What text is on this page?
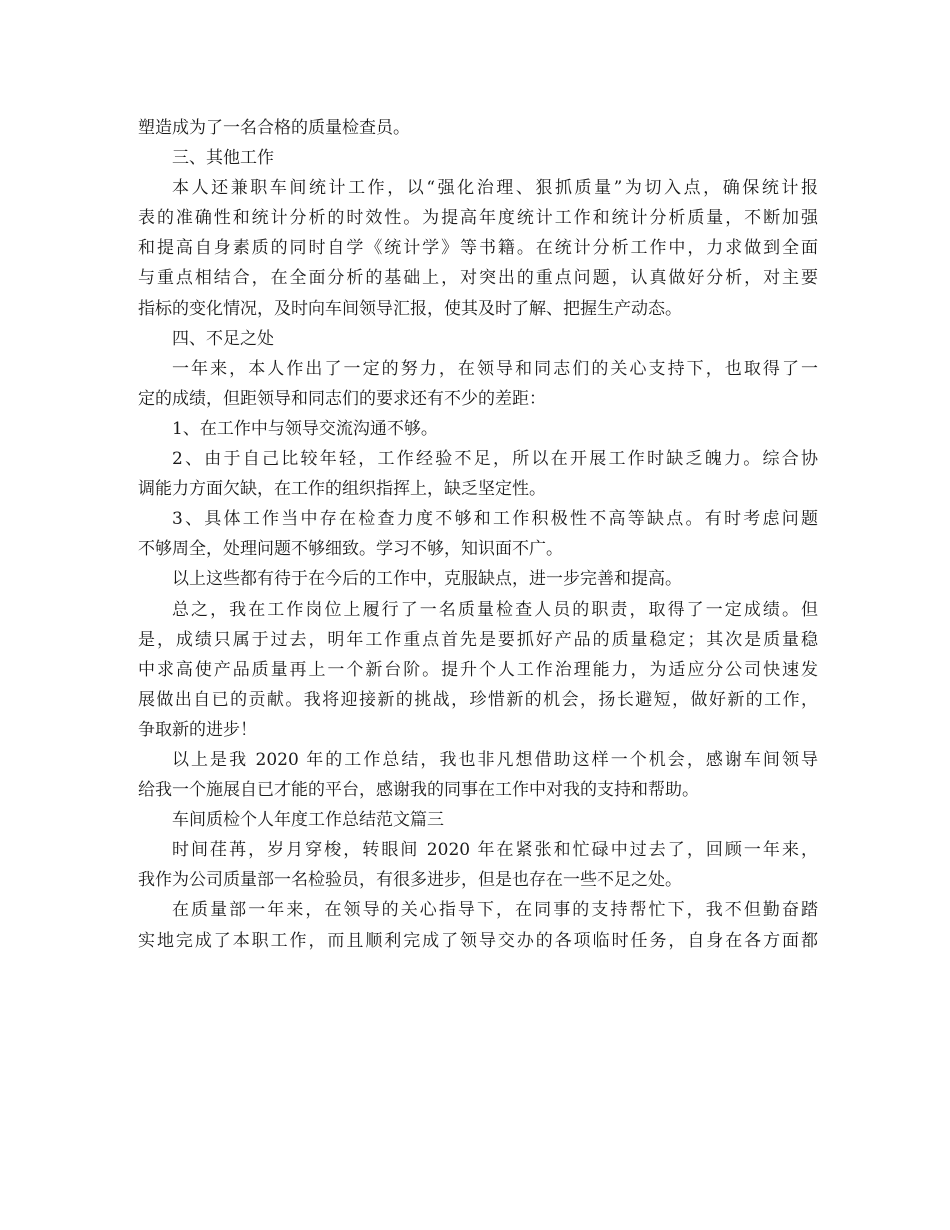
塑造成为了一名合格的质量检查员。
三、其他工作
本人还兼职车间统计工作，以“强化治理、狠抓质量”为切入点，确保统计报
表的准确性和统计分析的时效性。为提高年度统计工作和统计分析质量，不断加强
和提高自身素质的同时自学《统计学》等书籍。在统计分析工作中，力求做到全面
与重点相结合，在全面分析的基础上，对突出的重点问题，认真做好分析，对主要
指标的变化情况，及时向车间领导汇报，使其及时了解、把握生产动态。
四、不足之处
一年来，本人作出了一定的努力，在领导和同志们的关心支持下，也取得了一
定的成绩，但距领导和同志们的要求还有不少的差距：
1、在工作中与领导交流沟通不够。
2、由于自己比较年轻，工作经验不足，所以在开展工作时缺乏魄力。综合协
调能力方面欠缺，在工作的组织指挥上，缺乏坚定性。
3、具体工作当中存在检查力度不够和工作积极性不高等缺点。有时考虑问题
不够周全，处理问题不够细致。学习不够，知识面不广。
以上这些都有待于在今后的工作中，克服缺点，进一步完善和提高。
总之，我在工作岗位上履行了一名质量检查人员的职责，取得了一定成绩。但
是，成绩只属于过去，明年工作重点首先是要抓好产品的质量稳定；其次是质量稳
中求高使产品质量再上一个新台阶。提升个人工作治理能力，为适应分公司快速发
展做出自已的贡献。我将迎接新的挑战，珍惜新的机会，扬长避短，做好新的工作，
争取新的进步！
以上是我 2020 年的工作总结，我也非凡想借助这样一个机会，感谢车间领导
给我一个施展自已才能的平台，感谢我的同事在工作中对我的支持和帮助。
车间质检个人年度工作总结范文篇三
时间荏苒，岁月穿梭，转眼间 2020 年在紧张和忙碌中过去了，回顾一年来，
我作为公司质量部一名检验员，有很多进步，但是也存在一些不足之处。
在质量部一年来，在领导的关心指导下，在同事的支持帮忙下，我不但勤奋踏
实地完成了本职工作，而且顺利完成了领导交办的各项临时任务，自身在各方面都
